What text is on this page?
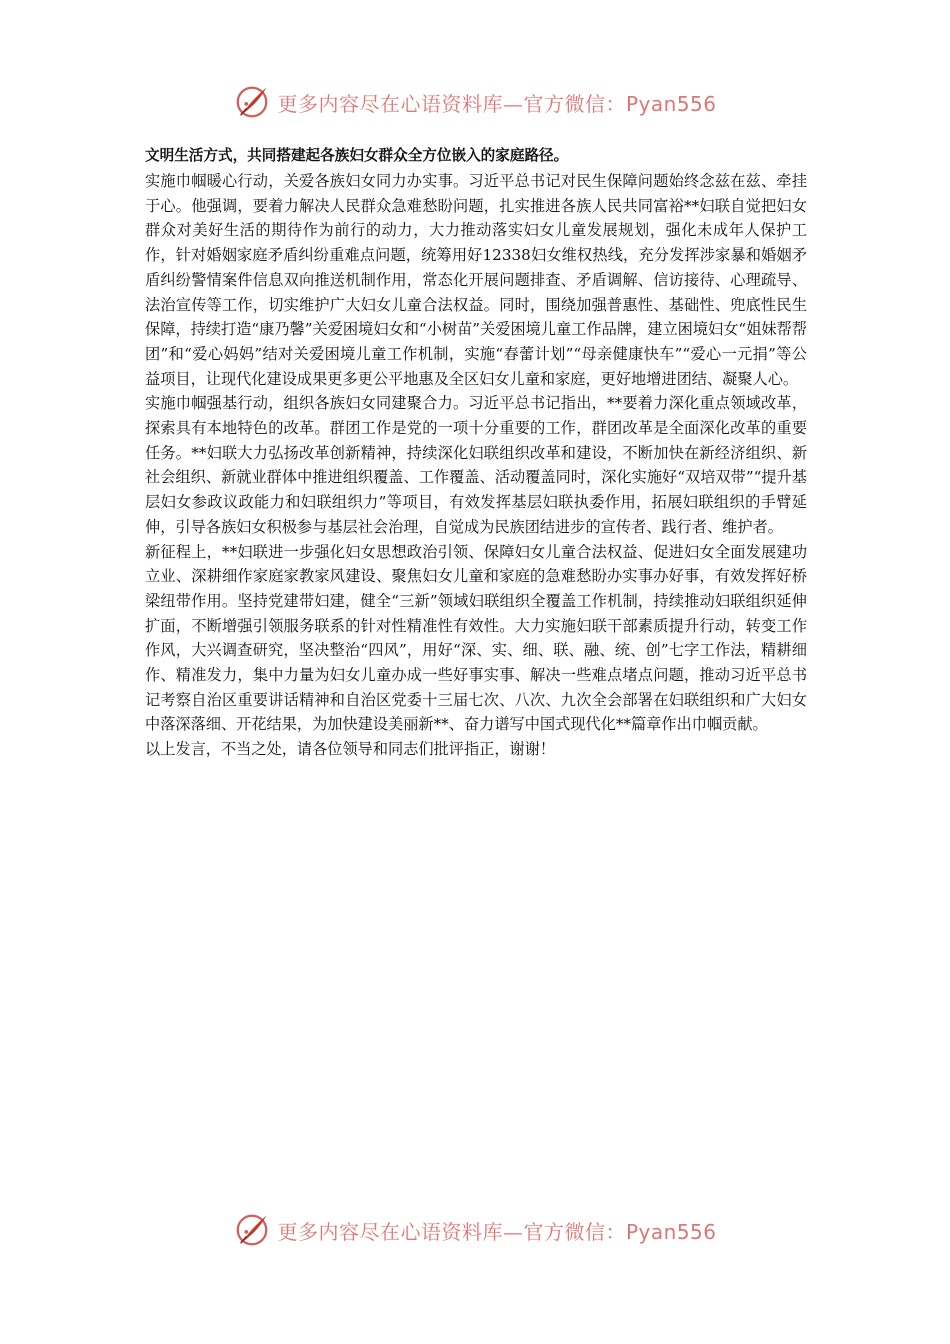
更多内容尽在心语资料库—官方微信：Pyan556

文明生活方式，共同搭建起各族妇女群众全方位嵌入的家庭路径。

实施巾帼暖心行动，关爱各族妇女同力办实事。习近平总书记对民生保障问题始终念兹在兹、牵挂于心。他强调，要着力解决人民群众急难愁盼问题，扎实推进各族人民共同富裕**妇联自觉把妇女群众对美好生活的期待作为前行的动力，大力推动落实妇女儿童发展规划，强化未成年人保护工作，针对婚姻家庭矛盾纠纷重难点问题，统筹用好12338妇女维权热线，充分发挥涉家暴和婚姻矛盾纠纷警情案件信息双向推送机制作用，常态化开展问题排查、矛盾调解、信访接待、心理疏导、法治宣传等工作，切实维护广大妇女儿童合法权益。同时，围绕加强普惠性、基础性、兜底性民生保障，持续打造“康乃馨”关爱困境妇女和“小树苗”关爱困境儿童工作品牌，建立困境妇女“姐妹帮帮团”和“爱心妈妈”结对关爱困境儿童工作机制，实施“春蕾计划”“母亲健康快车”“爱心一元捐”等公益项目，让现代化建设成果更多更公平地惠及全区妇女儿童和家庭，更好地增进团结、凝聚人心。

实施巾帼强基行动，组织各族妇女同建聚合力。习近平总书记指出，**要着力深化重点领域改革，探索具有本地特色的改革。群团工作是党的一项十分重要的工作，群团改革是全面深化改革的重要任务。**妇联大力弘扬改革创新精神，持续深化妇联组织改革和建设，不断加快在新经济组织、新社会组织、新就业群体中推进组织覆盖、工作覆盖、活动覆盖同时，深化实施好“双培双带”“提升基层妇女参政议政能力和妇联组织力”等项目，有效发挥基层妇联执委作用，拓展妇联组织的手臂延伸，引导各族妇女积极参与基层社会治理，自觉成为民族团结进步的宣传者、践行者、维护者。

新征程上，**妇联进一步强化妇女思想政治引领、保障妇女儿童合法权益、促进妇女全面发展建功立业、深耕细作家庭家教家风建设、聚焦妇女儿童和家庭的急难愁盼办实事办好事，有效发挥好桥梁纽带作用。坚持党建带妇建，健全“三新”领域妇联组织全覆盖工作机制，持续推动妇联组织延伸扩面，不断增强引领服务联系的针对性精准性有效性。大力实施妇联干部素质提升行动，转变工作作风，大兴调查研究，坚决整治“四风”，用好“深、实、细、联、融、统、创”七字工作法，精耕细作、精准发力，集中力量为妇女儿童办成一些好事实事、解决一些难点堵点问题，推动习近平总书记考察自治区重要讲话精神和自治区党委十三届七次、八次、九次全会部署在妇联组织和广大妇女中落深落细、开花结果，为加快建设美丽新**、奋力谱写中国式现代化**篇章作出巾帼贡献。

以上发言，不当之处，请各位领导和同志们批评指正，谢谢！

更多内容尽在心语资料库—官方微信：Pyan556
